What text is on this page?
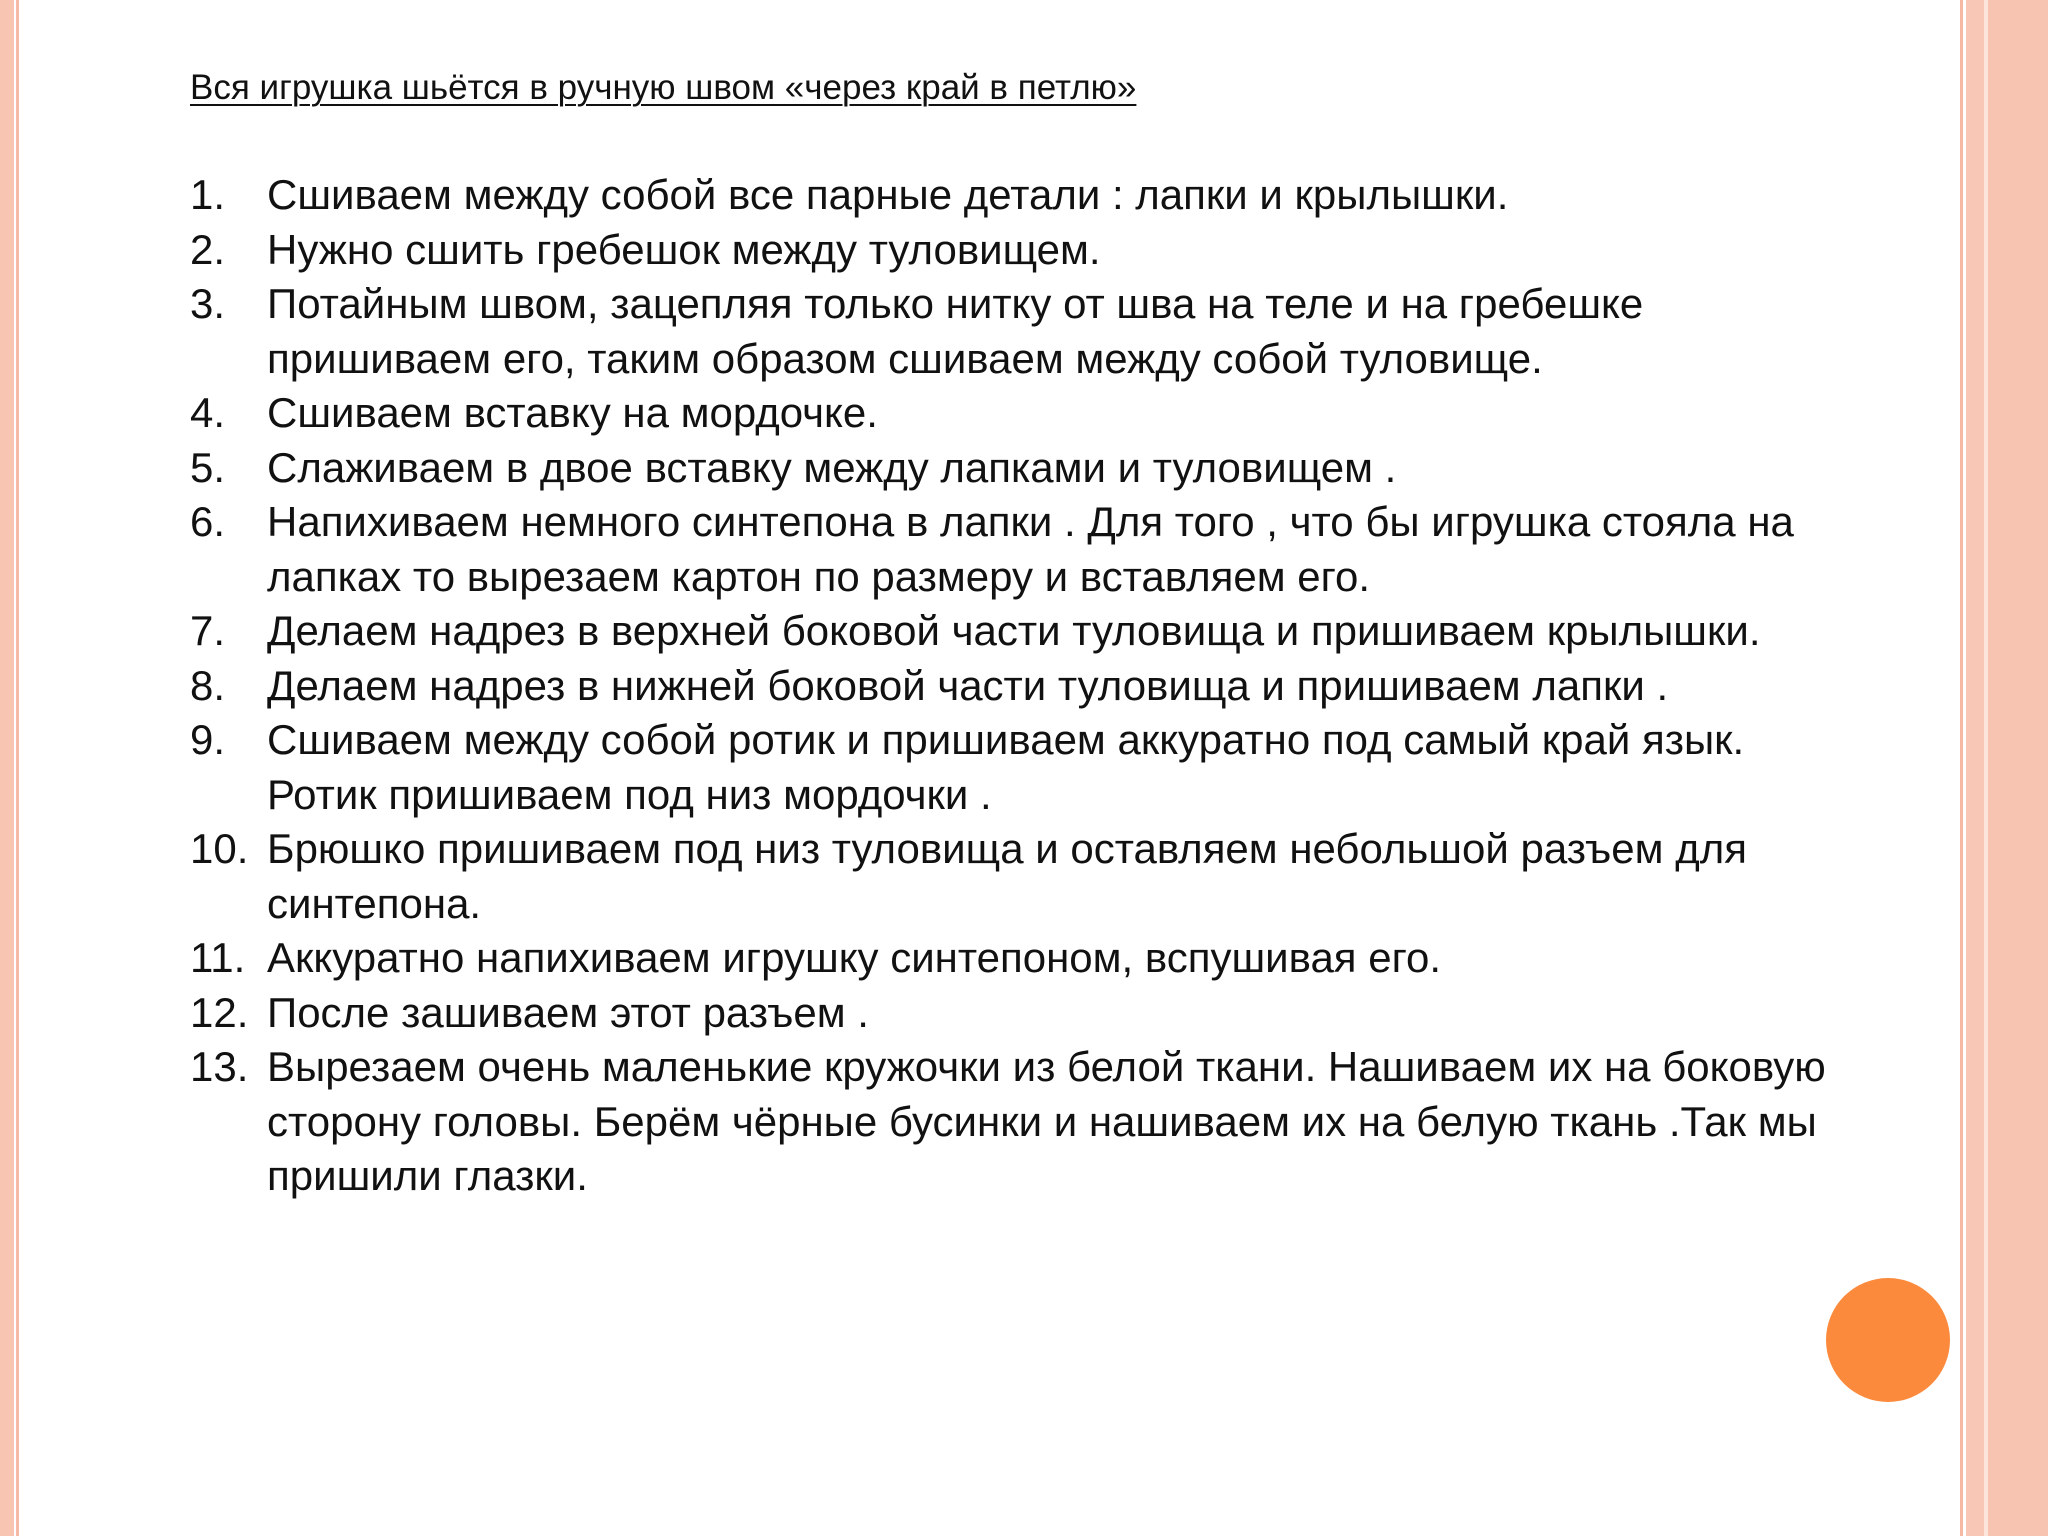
Вся игрушка шьётся в ручную швом «через край в петлю»
1. Сшиваем между собой все парные детали : лапки и крылышки.
2. Нужно сшить гребешок между туловищем.
3. Потайным швом, зацепляя только нитку от шва на теле и на гребешке пришиваем его, таким образом сшиваем между собой туловище.
4. Сшиваем вставку на мордочке.
5. Слаживаем в двое вставку между лапками и туловищем .
6. Напихиваем немного синтепона в лапки . Для того , что бы игрушка стояла на лапках то вырезаем картон по размеру и вставляем его.
7. Делаем надрез в верхней боковой части туловища и пришиваем крылышки.
8. Делаем надрез в нижней боковой части туловища и пришиваем лапки .
9. Сшиваем между собой ротик и пришиваем аккуратно под самый край язык. Ротик пришиваем под низ мордочки .
10. Брюшко пришиваем под низ туловища и оставляем небольшой разъем для синтепона.
11. Аккуратно напихиваем игрушку синтепоном, вспушивая его.
12. После зашиваем этот разъем .
13. Вырезаем очень маленькие кружочки из белой ткани. Нашиваем их на боковую сторону головы. Берём чёрные бусинки и нашиваем их на белую ткань .Так мы пришили глазки.
